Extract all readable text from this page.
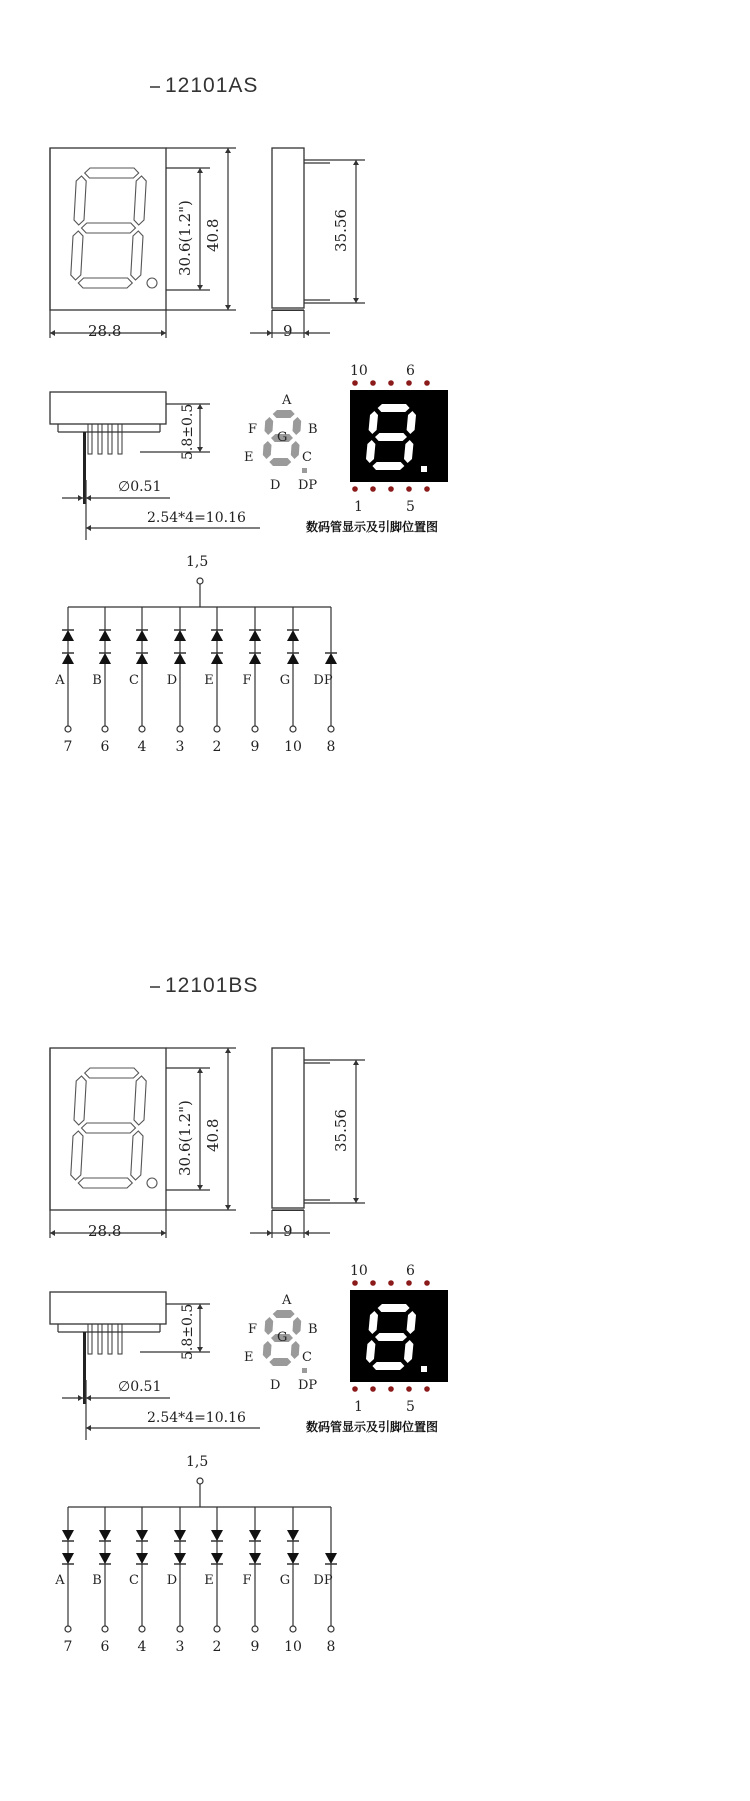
12101AS
28.8
30.6(1.2") 40.8	35.56
9
5.8±0.5
∅0.51
2.54*4=10.16
A
B
C
D
E
F
G
DP
10	6
1	5
数码管显示及引脚位置图
1,5
A
7
B
6
C
4
D
3
E
2
F
9
G
10
DP
8
12101BS
28.8
30.6(1.2") 40.8	35.56
9
5.8±0.5
∅0.51
2.54*4=10.16
A
B
C
D
E
F
G
DP
10	6
1	5
数码管显示及引脚位置图
1,5
A
7
B
6
C
4
D
3
E
2
F
9
G
10
DP
8
